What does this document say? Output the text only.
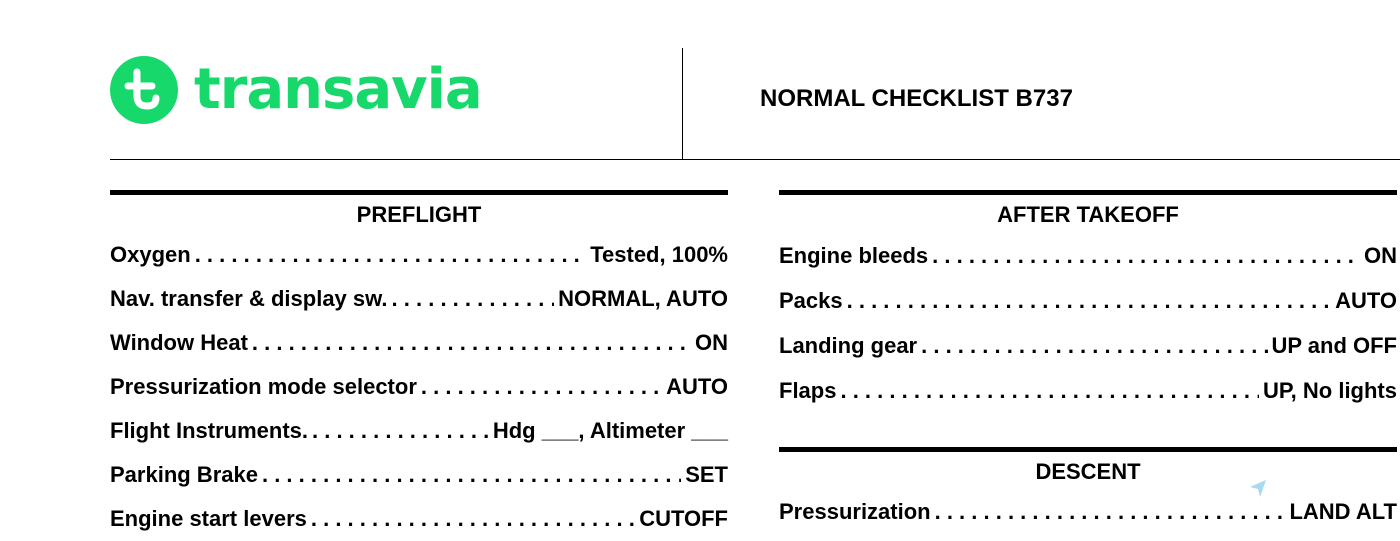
transavia	NORMAL CHECKLIST B737
PREFLIGHT
Oxygen . . .	Tested, 100%
Nav. transfer & display sw. . . .	NORMAL, AUTO
Window Heat . . .	ON
Pressurization mode selector . . .	AUTO
Flight Instruments. . . .	Hdg ___, Altimeter ___
Parking Brake . . .	SET
Engine start levers . . .	CUTOFF
AFTER TAKEOFF
Engine bleeds . . .	ON
Packs . . .	AUTO
Landing gear . . .	UP and OFF
Flaps . . .	UP, No lights
DESCENT
Pressurization . . .	LAND ALT
